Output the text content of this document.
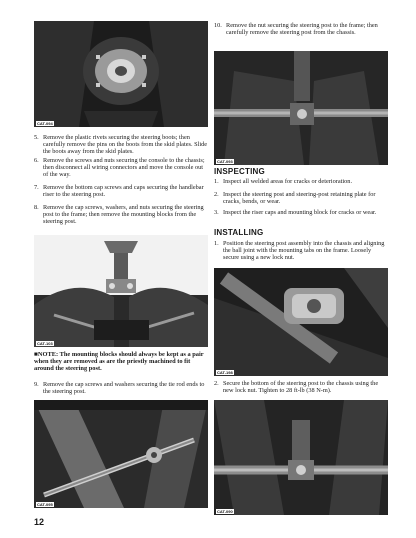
CAT-094
5. Remove the plastic rivets securing the steering boots; then carefully remove the pins on the boots from the skid plates. Slide the boots away from the skid plates.
6. Remove the screws and nuts securing the console to the chassis; then disconnect all wiring connectors and move the console out of the way.
7. Remove the bottom cap screws and caps securing the handlebar riser to the steering post.
8. Remove the cap screws, washers, and nuts securing the steering post to the frame; then remove the mounting blocks from the steering post.
CAT-103
■NOTE: The mounting blocks should always be kept as a pair when they are removed as are the priestly machined to fit around the steering post.
9. Remove the cap screws and washers securing the tie rod ends to the steering post.
CAT-095
10. Remove the nut securing the steering post to the frame; then carefully remove the steering post from the chassis.
CAT-093
INSPECTING
1. Inspect all welded areas for cracks or deterioration.
2. Inspect the steering post and steering-post retaining plate for cracks, bends, or wear.
3. Inspect the riser caps and mounting block for cracks or wear.
INSTALLING
1. Position the steering post assembly into the chassis and aligning the ball joint with the mounting tabs on the frame. Loosely secure using a new lock nut.
CAT-198
2. Secure the bottom of the steering post to the chassis using the new lock nut. Tighten to 28 ft-lb (38 N-m).
CAT-090
12
